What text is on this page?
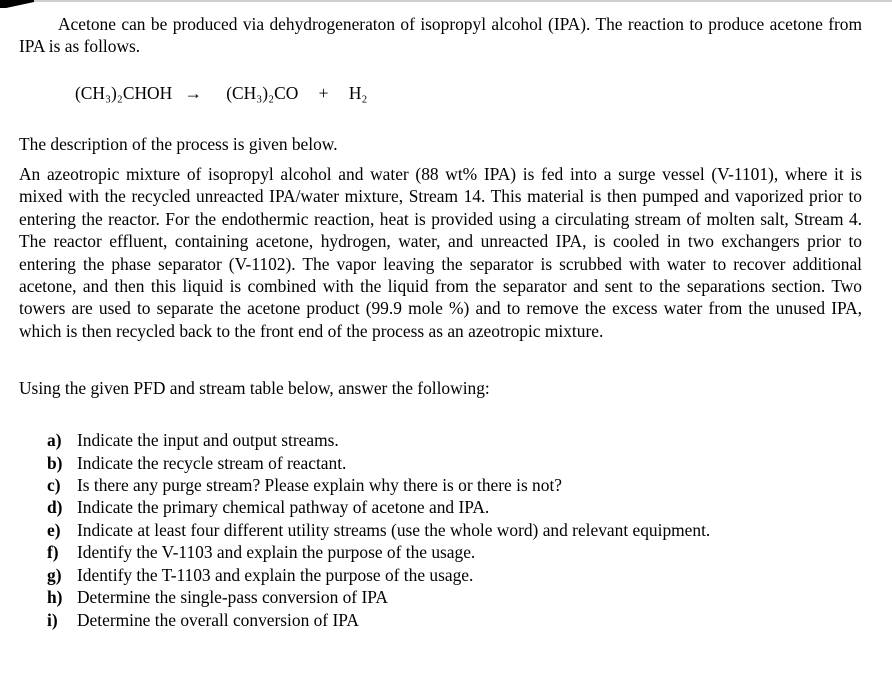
Acetone can be produced via dehydrogeneraton of isopropyl alcohol (IPA). The reaction to produce acetone from IPA is as follows.

(CH₃)₂CHOH → (CH₃)₂CO + H₂

The description of the process is given below.

An azeotropic mixture of isopropyl alcohol and water (88 wt% IPA) is fed into a surge vessel (V-1101), where it is mixed with the recycled unreacted IPA/water mixture, Stream 14. This material is then pumped and vaporized prior to entering the reactor. For the endothermic reaction, heat is provided using a circulating stream of molten salt, Stream 4. The reactor effluent, containing acetone, hydrogen, water, and unreacted IPA, is cooled in two exchangers prior to entering the phase separator (V-1102). The vapor leaving the separator is scrubbed with water to recover additional acetone, and then this liquid is combined with the liquid from the separator and sent to the separations section. Two towers are used to separate the acetone product (99.9 mole %) and to remove the excess water from the unused IPA, which is then recycled back to the front end of the process as an azeotropic mixture.

Using the given PFD and stream table below, answer the following:

a) Indicate the input and output streams.
b) Indicate the recycle stream of reactant.
c) Is there any purge stream? Please explain why there is or there is not?
d) Indicate the primary chemical pathway of acetone and IPA.
e) Indicate at least four different utility streams (use the whole word) and relevant equipment.
f)	Identify the V-1103 and explain the purpose of the usage.
g) Identify the T-1103 and explain the purpose of the usage.
h) Determine the single-pass conversion of IPA
i)	Determine the overall conversion of IPA
